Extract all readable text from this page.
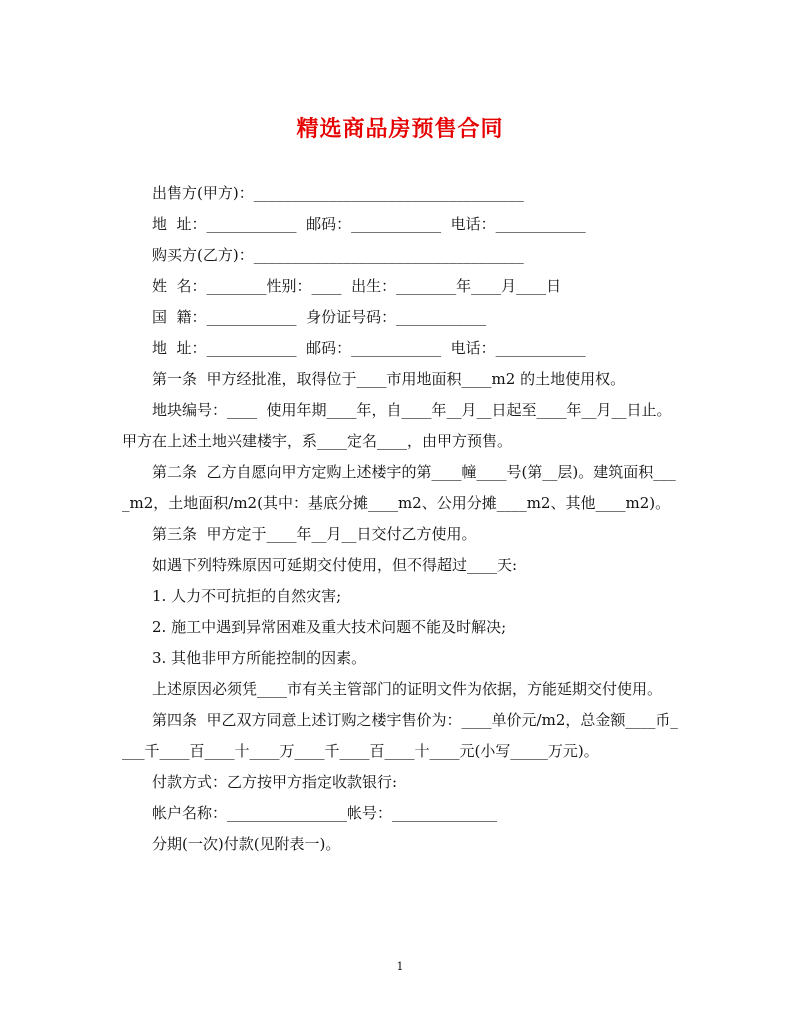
精选商品房预售合同

出售方(甲方)：____________________________________

地  址：____________  邮码：____________  电话：____________

购买方(乙方)：____________________________________

姓  名：________性别：____  出生：________年____月____日

国  籍：____________  身份证号码：____________

地  址：____________  邮码：____________  电话：____________

第一条  甲方经批准，取得位于____市用地面积____m2 的土地使用权。

地块编号：____  使用年期____年，自____年__月__日起至____年__月__日止。甲方在上述土地兴建楼宇，系____定名____，由甲方预售。

第二条  乙方自愿向甲方定购上述楼宇的第____幢____号(第__层)。建筑面积____m2，土地面积/m2(其中：基底分摊____m2、公用分摊____m2、其他____m2)。

第三条  甲方定于____年__月__日交付乙方使用。

如遇下列特殊原因可延期交付使用，但不得超过____天:

1. 人力不可抗拒的自然灾害;

2. 施工中遇到异常困难及重大技术问题不能及时解决;

3. 其他非甲方所能控制的因素。

上述原因必须凭____市有关主管部门的证明文件为依据，方能延期交付使用。

第四条  甲乙双方同意上述订购之楼宇售价为：____单价元/m2，总金额____币____千____百____十____万____千____百____十____元(小写_____万元)。

付款方式：乙方按甲方指定收款银行:

帐户名称：________________帐号：______________

分期(一次)付款(见附表一)。

1
